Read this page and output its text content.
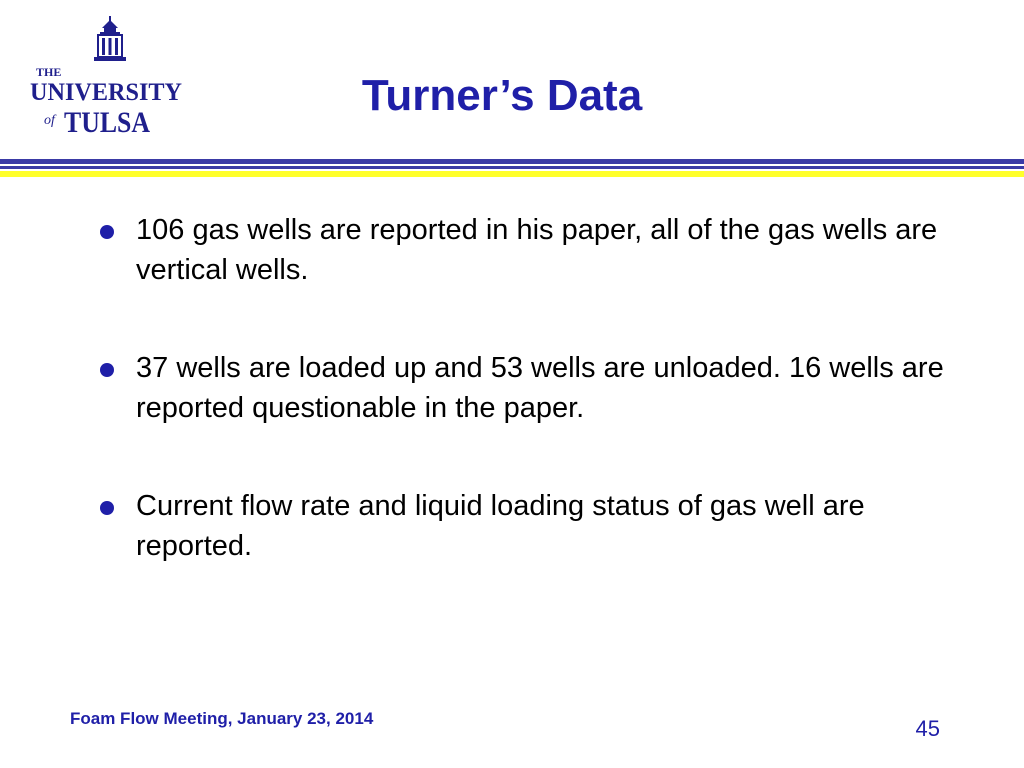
THE
UNIVERSITY
of TULSA
Turner’s Data
106 gas wells are reported in his paper, all of the gas wells are vertical wells.
37 wells are loaded up and 53 wells are unloaded. 16 wells are reported questionable in the paper.
Current flow rate and liquid loading status of gas well are reported.
Foam Flow Meeting, January 23, 2014	45
